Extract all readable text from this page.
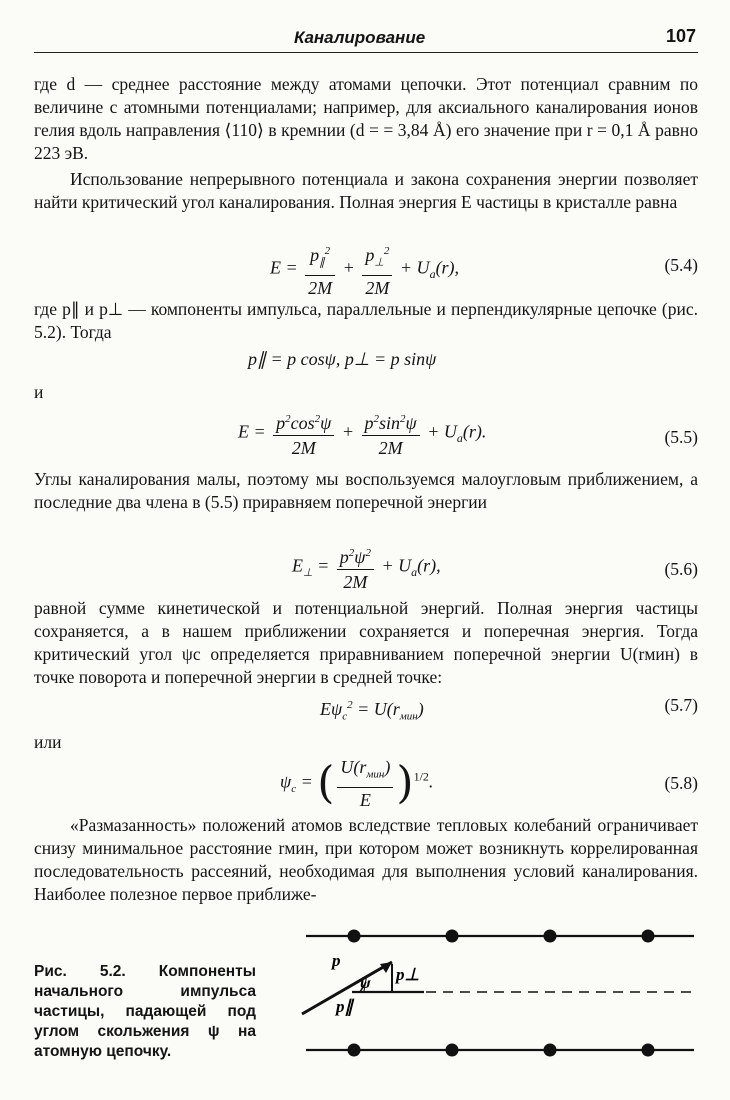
Каналирование	107
где d — среднее расстояние между атомами цепочки. Этот потенциал сравним по величине с атомными потенциалами; например, для аксиального каналирования ионов гелия вдоль направления ⟨110⟩ в кремнии (d = = 3,84 Å) его значение при r = 0,1 Å равно 223 эВ.
Использование непрерывного потенциала и закона сохранения энергии позволяет найти критический угол каналирования. Полная энергия E частицы в кристалле равна
$E = \frac{p_\parallel^2}{2M} + \frac{p_\perp^2}{2M} + U_a(r)$,	(5.4)
где p∥ и p⊥ — компоненты импульса, параллельные и перпендикулярные цепочке (рис. 5.2). Тогда
p∥ = p cosψ, p⊥ = p sinψ
и
$E = \frac{p^2\cos^2\psi}{2M} + \frac{p^2\sin^2\psi}{2M} + U_a(r)$.	(5.5)
Углы каналирования малы, поэтому мы воспользуемся малоугловым приближением, а последние два члена в (5.5) приравняем поперечной энергии
$E_\perp = \frac{p^2\psi^2}{2M} + U_a(r)$,	(5.6)
равной сумме кинетической и потенциальной энергий. Полная энергия частицы сохраняется, а в нашем приближении сохраняется и поперечная энергия. Тогда критический угол ψc определяется приравниванием поперечной энергии U(rмин) в точке поворота и поперечной энергии в средней точке:
$E\psi_c^2 = U(r_{мин})$	(5.7)
или
$\psi_c$ = ( $\frac{U(r_{мин})}{E} )^{1/2}$.	(5.8)
«Размазанность» положений атомов вследствие тепловых колебаний ограничивает снизу минимальное расстояние rмин, при котором может возникнуть коррелированная последовательность рассеяний, необходимая для выполнения условий каналирования. Наиболее полезное первое приближе-
p
ψ p⊥
p∥
Рис. 5.2. Компоненты начального импульса частицы, падающей под углом скольжения ψ на атомную цепочку.
